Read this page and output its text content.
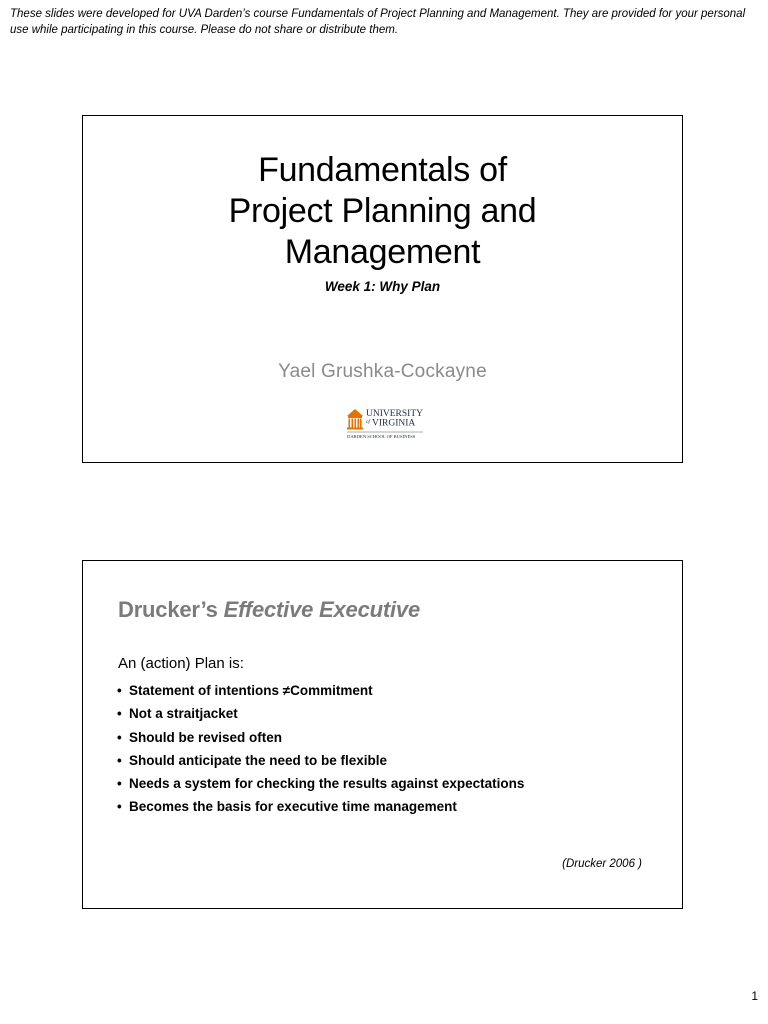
These slides were developed for UVA Darden’s course Fundamentals of Project Planning and Management. They are provided for your personal use while participating in this course. Please do not share or distribute them.
Fundamentals of
Project Planning and
Management
Week 1: Why Plan
Yael Grushka-Cockayne
UNIVERSITY
of VIRGINIA
DARDEN SCHOOL OF BUSINESS
Drucker’s Effective Executive
An (action) Plan is:
• Statement of intentions ≠Commitment
• Not a straitjacket
• Should be revised often
• Should anticipate the need to be flexible
• Needs a system for checking the results against expectations
• Becomes the basis for executive time management
(Drucker 2006 )
1
